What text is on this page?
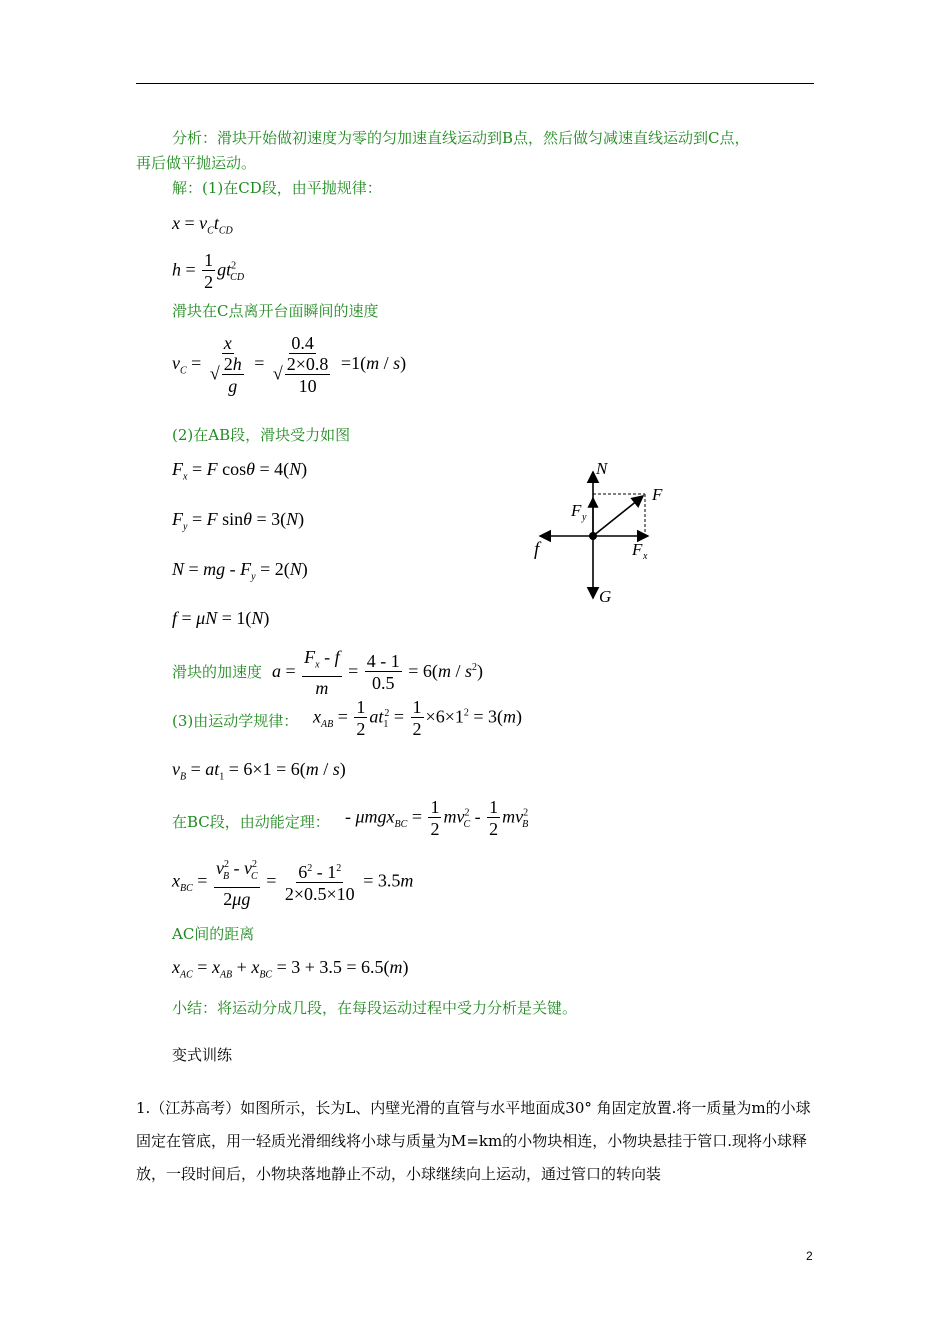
分析：滑块开始做初速度为零的匀加速直线运动到B点，然后做匀减速直线运动到C点，
再后做平抛运动。
解：(1)在CD段，由平抛规律：
$x = v_Ct_{CD}$
$h = \frac{1}{2} gt^2_{CD}$
滑块在C点离开台面瞬间的速度
$v_C = \frac{x}{√ \frac{2h}{g}} = \frac{0.4}{√ \frac{2\times 0.8}{10}} =1(m / s)$
(2)在AB段，滑块受力如图
$F_x = F$ cosθ = 4(N)
$F_y = F$ sinθ = 3(N)
N = mg - $F_y = 2(N)$
f = μN = 1(N)
滑块的加速度 $a = \frac{F_x - f}{m} = \frac{4 - 1}{0.5} = 6(m / s^2)$
(3)由运动学规律： $x_{AB} = \frac{1}{2} at_1^2 = \frac{1}{2} \times 6\times 1^2 = 3(m)$
$v_B = at_1 = 6\times 1 = 6(m / s)$
在BC段，由动能定理： - $\mu mgx_{BC} = \frac{1}{2} mv^2_C - \frac{1}{2} mv^2_B$
$x_{BC} = \frac{v^2_B - v^2_C}{2\mu g} = \frac{6^2 - 1^2}{2\times 0.5\times 10} = 3.5m$
AC间的距离
$x_{AC} = x_{AB} + x_{BC} = 3 + 3.5 = 6.5(m)$
小结：将运动分成几段，在每段运动过程中受力分析是关键。
变式训练
1.（江苏高考）如图所示，长为L、内壁光滑的直管与水平地面成30° 角固定放置.将一质量为m的小球固定在管底，用一轻质光滑细线将小球与质量为M=km的小物块相连，小物块悬挂于管口.现将小球释放，一段时间后，小物块落地静止不动，小球继续向上运动，通过管口的转向装
N
F
F y
f	F x
G
2
